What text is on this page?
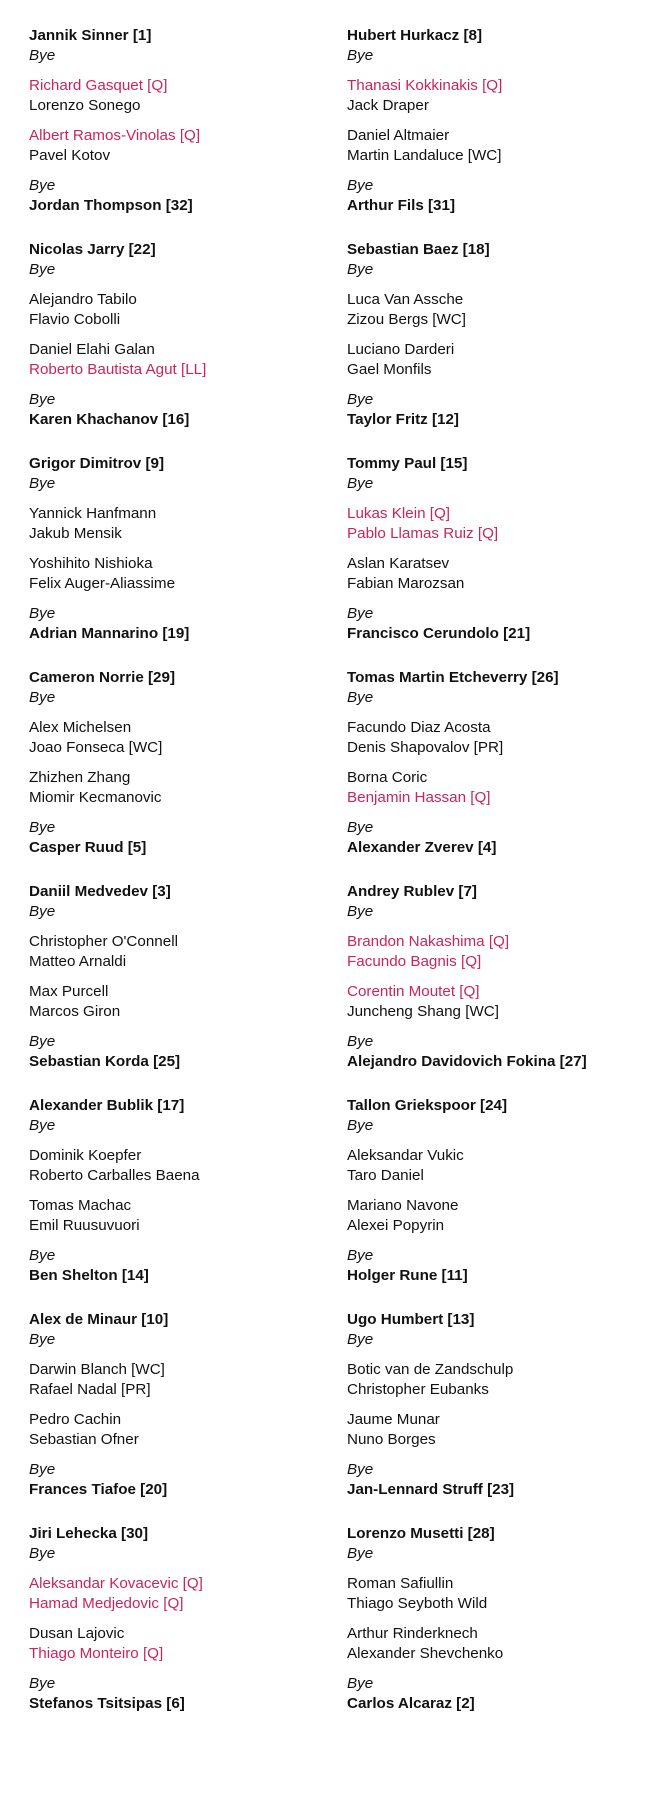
Jannik Sinner [1]
Bye
Richard Gasquet [Q]
Lorenzo Sonego
Albert Ramos-Vinolas [Q]
Pavel Kotov
Bye
Jordan Thompson [32]
Nicolas Jarry [22]
Bye
Alejandro Tabilo
Flavio Cobolli
Daniel Elahi Galan
Roberto Bautista Agut [LL]
Bye
Karen Khachanov [16]
Grigor Dimitrov [9]
Bye
Yannick Hanfmann
Jakub Mensik
Yoshihito Nishioka
Felix Auger-Aliassime
Bye
Adrian Mannarino [19]
Cameron Norrie [29]
Bye
Alex Michelsen
Joao Fonseca [WC]
Zhizhen Zhang
Miomir Kecmanovic
Bye
Casper Ruud [5]
Daniil Medvedev [3]
Bye
Christopher O'Connell
Matteo Arnaldi
Max Purcell
Marcos Giron
Bye
Sebastian Korda [25]
Alexander Bublik [17]
Bye
Dominik Koepfer
Roberto Carballes Baena
Tomas Machac
Emil Ruusuvuori
Bye
Ben Shelton [14]
Alex de Minaur [10]
Bye
Darwin Blanch [WC]
Rafael Nadal [PR]
Pedro Cachin
Sebastian Ofner
Bye
Frances Tiafoe [20]
Jiri Lehecka [30]
Bye
Aleksandar Kovacevic [Q]
Hamad Medjedovic [Q]
Dusan Lajovic
Thiago Monteiro [Q]
Bye
Stefanos Tsitsipas [6]
Hubert Hurkacz [8]
Bye
Thanasi Kokkinakis [Q]
Jack Draper
Daniel Altmaier
Martin Landaluce [WC]
Bye
Arthur Fils [31]
Sebastian Baez [18]
Bye
Luca Van Assche
Zizou Bergs [WC]
Luciano Darderi
Gael Monfils
Bye
Taylor Fritz [12]
Tommy Paul [15]
Bye
Lukas Klein [Q]
Pablo Llamas Ruiz [Q]
Aslan Karatsev
Fabian Marozsan
Bye
Francisco Cerundolo [21]
Tomas Martin Etcheverry [26]
Bye
Facundo Diaz Acosta
Denis Shapovalov [PR]
Borna Coric
Benjamin Hassan [Q]
Bye
Alexander Zverev [4]
Andrey Rublev [7]
Bye
Brandon Nakashima [Q]
Facundo Bagnis [Q]
Corentin Moutet [Q]
Juncheng Shang [WC]
Bye
Alejandro Davidovich Fokina [27]
Tallon Griekspoor [24]
Bye
Aleksandar Vukic
Taro Daniel
Mariano Navone
Alexei Popyrin
Bye
Holger Rune [11]
Ugo Humbert [13]
Bye
Botic van de Zandschulp
Christopher Eubanks
Jaume Munar
Nuno Borges
Bye
Jan-Lennard Struff [23]
Lorenzo Musetti [28]
Bye
Roman Safiullin
Thiago Seyboth Wild
Arthur Rinderknech
Alexander Shevchenko
Bye
Carlos Alcaraz [2]
